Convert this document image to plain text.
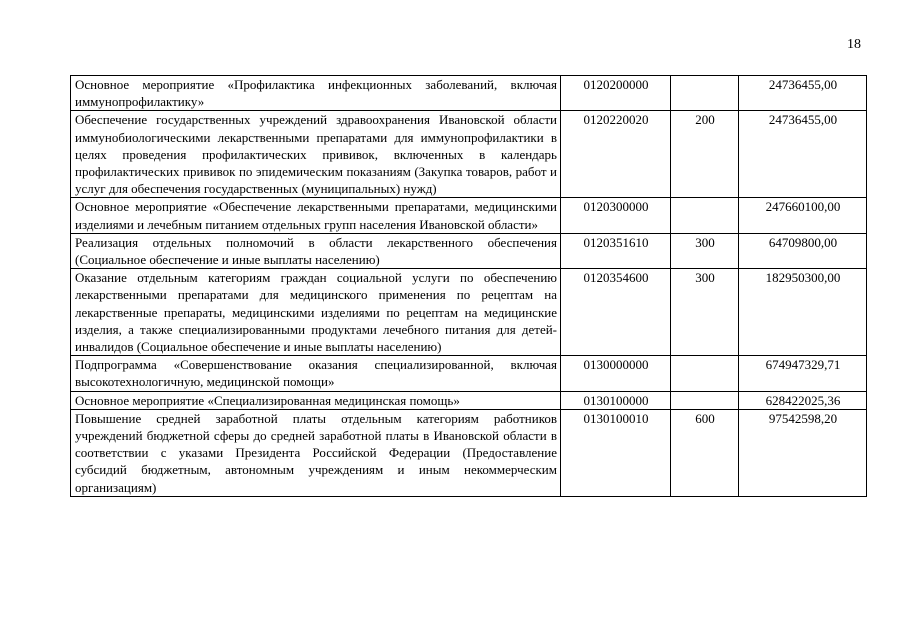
18
Основное мероприятие «Профилактика инфекционных заболеваний, включая иммунопрофилактику»	0120200000		24736455,00
Обеспечение государственных учреждений здравоохранения Ивановской области иммунобиологическими лекарственными препаратами для иммунопрофилактики в целях проведения профилактических прививок, включенных в календарь профилактических прививок по эпидемическим показаниям (Закупка товаров, работ и услуг для обеспечения государственных (муниципальных) нужд)	0120220020	200	24736455,00
Основное мероприятие «Обеспечение лекарственными препаратами, медицинскими изделиями и лечебным питанием отдельных групп населения Ивановской области»	0120300000		247660100,00
Реализация отдельных полномочий в области лекарственного обеспечения (Социальное обеспечение и иные выплаты населению)	0120351610	300	64709800,00
Оказание отдельным категориям граждан социальной услуги по обеспечению лекарственными препаратами для медицинского применения по рецептам на лекарственные препараты, медицинскими изделиями по рецептам на медицинские изделия, а также специализированными продуктами лечебного питания для детей-инвалидов (Социальное обеспечение и иные выплаты населению)	0120354600	300	182950300,00
Подпрограмма «Совершенствование оказания специализированной, включая высокотехнологичную, медицинской помощи»	0130000000		674947329,71
Основное мероприятие «Специализированная медицинская помощь»	0130100000		628422025,36
Повышение средней заработной платы отдельным категориям работников учреждений бюджетной сферы до средней заработной платы в Ивановской области в соответствии с указами Президента Российской Федерации (Предоставление субсидий бюджетным, автономным учреждениям и иным некоммерческим организациям)	0130100010	600	97542598,20
